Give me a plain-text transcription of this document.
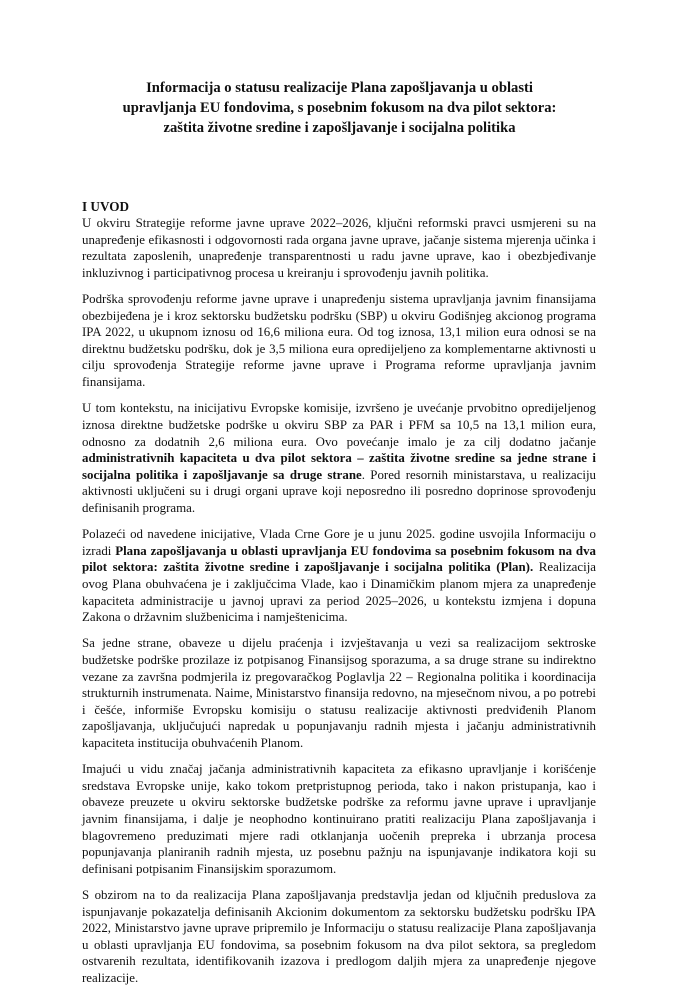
Informacija o statusu realizacije Plana zapošljavanja u oblasti
upravljanja EU fondovima, s posebnim fokusom na dva pilot sektora:
zaštita životne sredine i zapošljavanje i socijalna politika
I UVOD

U okviru Strategije reforme javne uprave 2022–2026, ključni reformski pravci usmjereni su na unapređenje efikasnosti i odgovornosti rada organa javne uprave, jačanje sistema mjerenja učinka i rezultata zaposlenih, unapređenje transparentnosti u radu javne uprave, kao i obezbjeđivanje inkluzivnog i participativnog procesa u kreiranju i sprovođenju javnih politika.

Podrška sprovođenju reforme javne uprave i unapređenju sistema upravljanja javnim finansijama obezbijeđena je i kroz sektorsku budžetsku podršku (SBP) u okviru Godišnjeg akcionog programa IPA 2022, u ukupnom iznosu od 16,6 miliona eura. Od tog iznosa, 13,1 milion eura odnosi se na direktnu budžetsku podršku, dok je 3,5 miliona eura opredijeljeno za komplementarne aktivnosti u cilju sprovođenja Strategije reforme javne uprave i Programa reforme upravljanja javnim finansijama.

U tom kontekstu, na inicijativu Evropske komisije, izvršeno je uvećanje prvobitno opredijeljenog iznosa direktne budžetske podrške u okviru SBP za PAR i PFM sa 10,5 na 13,1 milion eura, odnosno za dodatnih 2,6 miliona eura. Ovo povećanje imalo je za cilj dodatno jačanje administrativnih kapaciteta u dva pilot sektora – zaštita životne sredine sa jedne strane i socijalna politika i zapošljavanje sa druge strane. Pored resornih ministarstava, u realizaciju aktivnosti uključeni su i drugi organi uprave koji neposredno ili posredno doprinose sprovođenju definisanih programa.

Polazeći od navedene inicijative, Vlada Crne Gore je u junu 2025. godine usvojila Informaciju o izradi Plana zapošljavanja u oblasti upravljanja EU fondovima sa posebnim fokusom na dva pilot sektora: zaštita životne sredine i zapošljavanje i socijalna politika (Plan). Realizacija ovog Plana obuhvaćena je i zaključcima Vlade, kao i Dinamičkim planom mjera za unapređenje kapaciteta administracije u javnoj upravi za period 2025–2026, u kontekstu izmjena i dopuna Zakona o državnim službenicima i namještenicima.

Sa jedne strane, obaveze u dijelu praćenja i izvještavanja u vezi sa realizacijom sektroske budžetske podrške prozilaze iz potpisanog Finansijsog sporazuma, a sa druge strane su indirektno vezane za završna podmjerila iz pregovaračkog Poglavlja 22 – Regionalna politika i koordinacija strukturnih instrumenata. Naime, Ministarstvo finansija redovno, na mjesečnom nivou, a po potrebi i češće, informiše Evropsku komisiju o statusu realizacije aktivnosti predviđenih Planom zapošljavanja, uključujući napredak u popunjavanju radnih mjesta i jačanju administrativnih kapaciteta institucija obuhvaćenih Planom.

Imajući u vidu značaj jačanja administrativnih kapaciteta za efikasno upravljanje i korišćenje sredstava Evropske unije, kako tokom pretpristupnog perioda, tako i nakon pristupanja, kao i obaveze preuzete u okviru sektorske budžetske podrške za reformu javne uprave i upravljanje javnim finansijama, i dalje je neophodno kontinuirano pratiti realizaciju Plana zapošljavanja i blagovremeno preduzimati mjere radi otklanjanja uočenih prepreka i ubrzanja procesa popunjavanja planiranih radnih mjesta, uz posebnu pažnju na ispunjavanje indikatora koji su definisani potpisanim Finansijskim sporazumom.

S obzirom na to da realizacija Plana zapošljavanja predstavlja jedan od ključnih preduslova za ispunjavanje pokazatelja definisanih Akcionim dokumentom za sektorsku budžetsku podršku IPA 2022, Ministarstvo javne uprave pripremilo je Informaciju o statusu realizacije Plana zapošljavanja u oblasti upravljanja EU fondovima, sa posebnim fokusom na dva pilot sektora, sa pregledom ostvarenih rezultata, identifikovanih izazova i predlogom daljih mjera za unapređenje njegove realizacije.
